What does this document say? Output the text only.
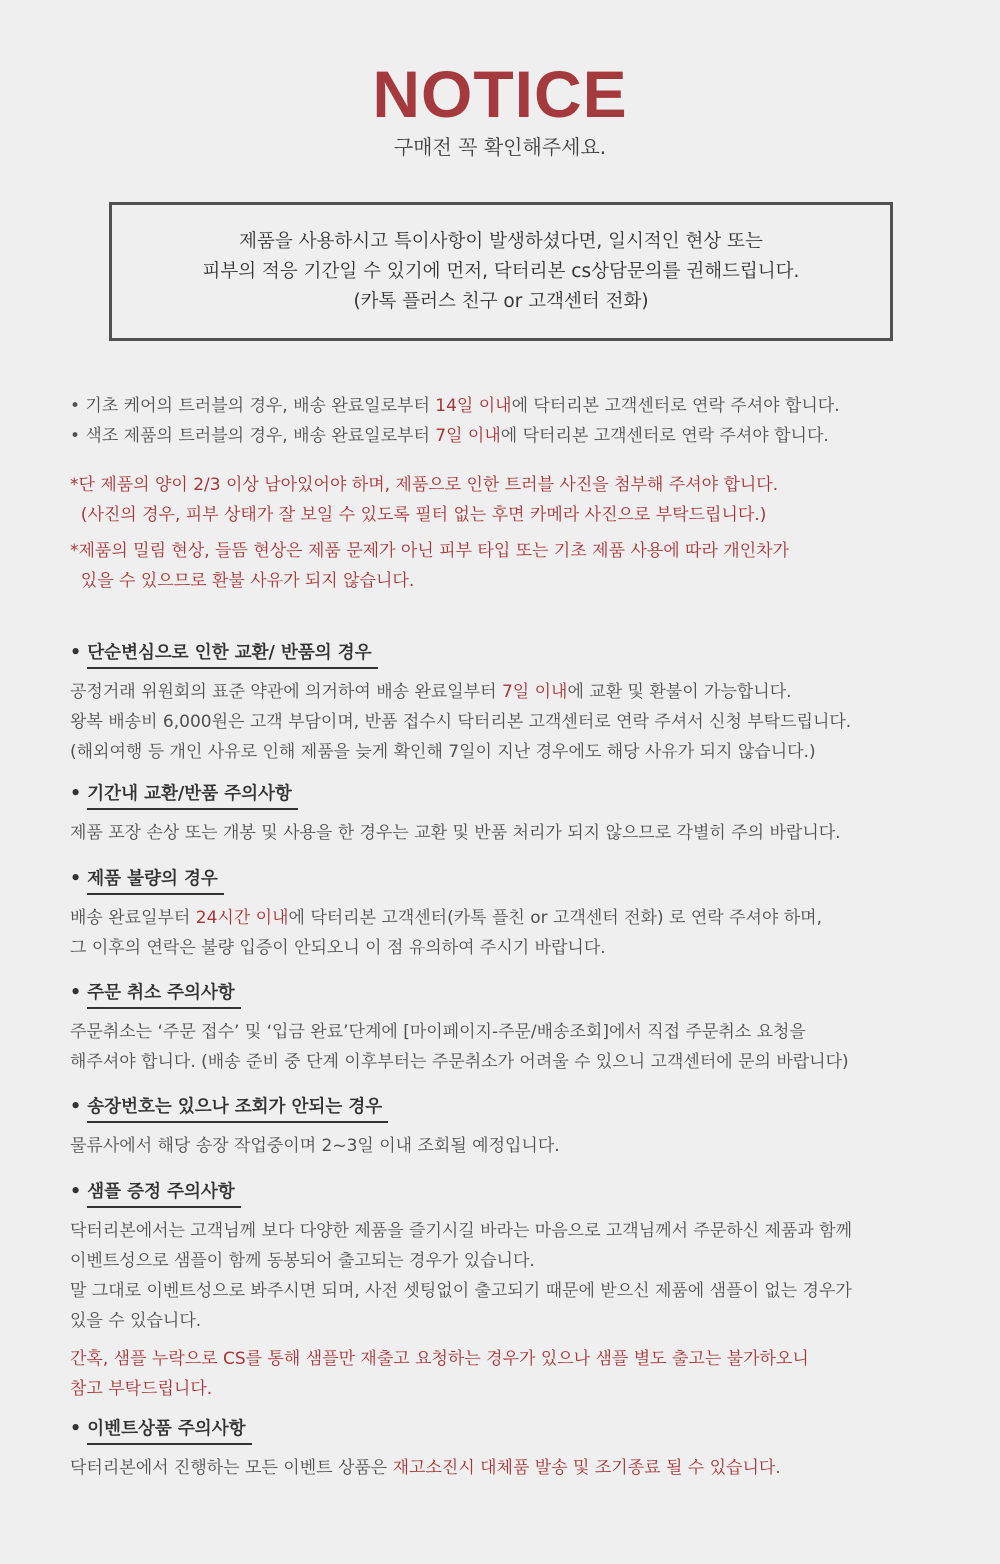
NOTICE
구매전 꼭 확인해주세요.
제품을 사용하시고 특이사항이 발생하셨다면, 일시적인 현상 또는
피부의 적응 기간일 수 있기에 먼저, 닥터리본 cs상담문의를 권해드립니다.
(카톡 플러스 친구 or 고객센터 전화)
• 기초 케어의 트러블의 경우, 배송 완료일로부터 14일 이내에 닥터리본 고객센터로 연락 주셔야 합니다.
• 색조 제품의 트러블의 경우, 배송 완료일로부터 7일 이내에 닥터리본 고객센터로 연락 주셔야 합니다.
*단 제품의 양이 2/3 이상 남아있어야 하며, 제품으로 인한 트러블 사진을 첨부해 주셔야 합니다.
(사진의 경우, 피부 상태가 잘 보일 수 있도록 필터 없는 후면 카메라 사진으로 부탁드립니다.)
*제품의 밀림 현상, 들뜸 현상은 제품 문제가 아닌 피부 타입 또는 기초 제품 사용에 따라 개인차가
있을 수 있으므로 환불 사유가 되지 않습니다.
• 단순변심으로 인한 교환/ 반품의 경우
공정거래 위원회의 표준 약관에 의거하여 배송 완료일부터 7일 이내에 교환 및 환불이 가능합니다.
왕복 배송비 6,000원은 고객 부담이며, 반품 접수시 닥터리본 고객센터로 연락 주셔서 신청 부탁드립니다.
(해외여행 등 개인 사유로 인해 제품을 늦게 확인해 7일이 지난 경우에도 해당 사유가 되지 않습니다.)
• 기간내 교환/반품 주의사항
제품 포장 손상 또는 개봉 및 사용을 한 경우는 교환 및 반품 처리가 되지 않으므로 각별히 주의 바랍니다.
• 제품 불량의 경우
배송 완료일부터 24시간 이내에 닥터리본 고객센터(카톡 플친 or 고객센터 전화) 로 연락 주셔야 하며,
그 이후의 연락은 불량 입증이 안되오니 이 점 유의하여 주시기 바랍니다.
• 주문 취소 주의사항
주문취소는 ‘주문 접수’ 및 ‘입금 완료’단계에 [마이페이지-주문/배송조회]에서 직접 주문취소 요청을
해주셔야 합니다. (배송 준비 중 단계 이후부터는 주문취소가 어려울 수 있으니 고객센터에 문의 바랍니다)
• 송장번호는 있으나 조회가 안되는 경우
물류사에서 해당 송장 작업중이며 2~3일 이내 조회될 예정입니다.
• 샘플 증정 주의사항
닥터리본에서는 고객님께 보다 다양한 제품을 즐기시길 바라는 마음으로 고객님께서 주문하신 제품과 함께
이벤트성으로 샘플이 함께 동봉되어 출고되는 경우가 있습니다.
말 그대로 이벤트성으로 봐주시면 되며, 사전 셋팅없이 출고되기 때문에 받으신 제품에 샘플이 없는 경우가
있을 수 있습니다.
간혹, 샘플 누락으로 CS를 통해 샘플만 재출고 요청하는 경우가 있으나 샘플 별도 출고는 불가하오니
참고 부탁드립니다.
• 이벤트상품 주의사항
닥터리본에서 진행하는 모든 이벤트 상품은 재고소진시 대체품 발송 및 조기종료 될 수 있습니다.
